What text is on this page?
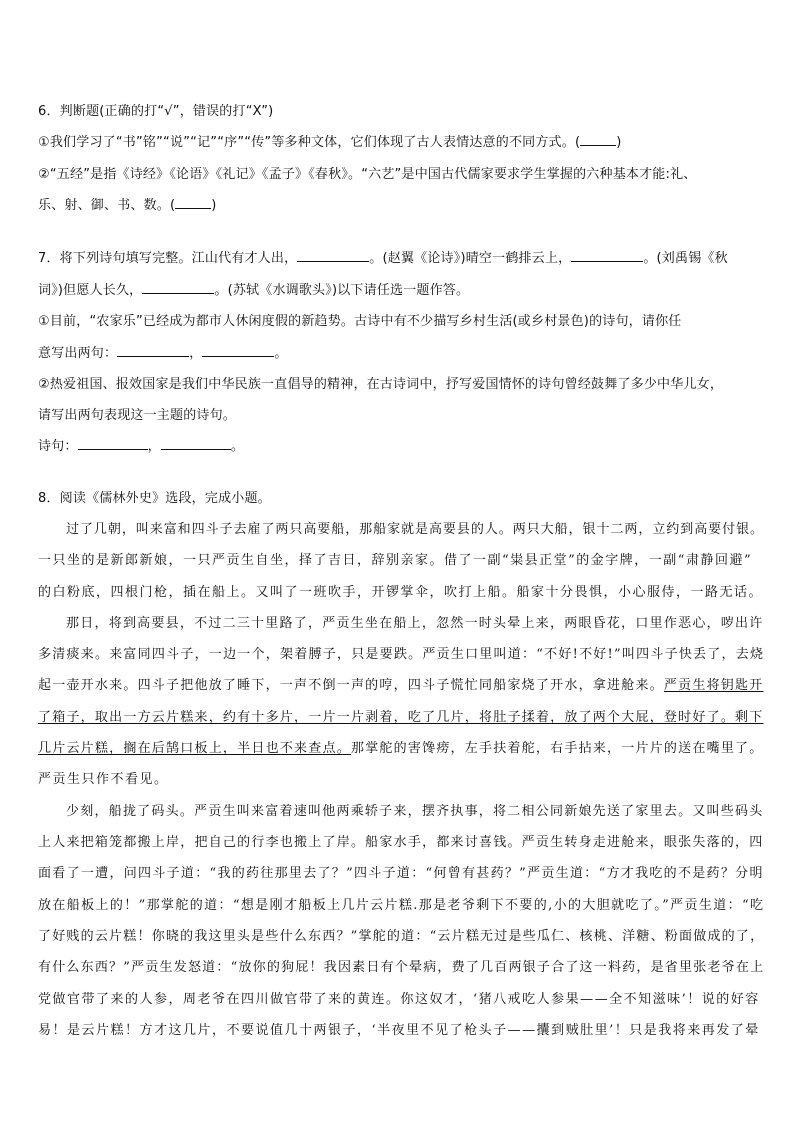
6．判断题(正确的打“√”，错误的打“X”)
①我们学习了“书”铭”“说”“记”“序”“传”等多种文体，它们体现了古人表情达意的不同方式。(	)
②“五经”是指《诗经》《论语》《礼记》《孟子》《春秋》。“六艺”是中国古代儒家要求学生掌握的六种基本才能:礼、
乐、射、御、书、数。(	)
7．将下列诗句填写完整。江山代有才人出，	。(赵翼《论诗》)晴空一鹤排云上，	。(刘禹锡《秋
词》)但愿人长久，	。(苏轼《水调歌头》)以下请任选一题作答。
①目前，“农家乐”已经成为都市人休闲度假的新趋势。古诗中有不少描写乡村生活(或乡村景色)的诗句，请你任
意写出两句：	，	。
②热爱祖国、报效国家是我们中华民族一直倡导的精神，在古诗词中，抒写爱国情怀的诗句曾经鼓舞了多少中华儿女，
请写出两句表现这一主题的诗句。
诗句：	，	。
8．阅读《儒林外史》选段，完成小题。
过了几朝，叫来富和四斗子去雇了两只高要船，那船家就是高要县的人。两只大船，银十二两，立约到高要付银。
一只坐的是新郎新娘，一只严贡生自坐，择了吉日，辞别亲家。借了一副“粜县正堂”的金字牌，一副“肃静回避”
的白粉底，四根门枪，插在船上。又叫了一班吹手，开锣掌伞，吹打上船。船家十分畏惧，小心服侍，一路无话。
那日，将到高要县，不过二三十里路了，严贡生坐在船上，忽然一时头晕上来，两眼昏花，口里作恶心，哕出许
多清痰来。来富同四斗子，一边一个，架着膊子，只是要跌。严贡生口里叫道：“不好!不好!”叫四斗子快丢了，去烧
起一壶开水来。四斗子把他放了睡下，一声不倒一声的哼，四斗子慌忙同船家烧了开水，拿进舱来。严贡生将钥匙开
了箱子，取出一方云片糕来，约有十多片，一片一片剥着，吃了几片，将肚子揉着，放了两个大屁，登时好了。剩下
几片云片糕，搁在后鹄口板上，半日也不来查点。那掌舵的害馋痨，左手扶着舵，右手拈来，一片片的送在嘴里了。
严贡生只作不看见。
少刻，船拢了码头。严贡生叫来富着速叫他两乘轿子来，摆齐执事，将二相公同新娘先送了家里去。又叫些码头
上人来把箱笼都搬上岸，把自己的行李也搬上了岸。船家水手，都来讨喜钱。严贡生转身走进舱来，眼张失落的，四
面看了一遭，问四斗子道：“我的药往那里去了？”四斗子道：“何曾有甚药？”严贡生道：“方才我吃的不是药？分明
放在船板上的！”那掌舵的道：“想是刚才船板上几片云片糕.那是老爷剩下不要的,小的大胆就吃了。”严贡生道：“吃
了好贱的云片糕！你晓的我这里头是些什么东西？”掌舵的道：“云片糕无过是些瓜仁、核桃、洋糖、粉面做成的了，
有什么东西？”严贡生发怒道：“放你的狗屁！我因素日有个晕病，费了几百两银子合了这一料药，是省里张老爷在上
党做官带了来的人参，周老爷在四川做官带了来的黄连。你这奴才，‘猪八戒吃人参果——全不知滋味’！说的好容
易！是云片糕！方才这几片，不要说值几十两银子，‘半夜里不见了枪头子——攮到贼肚里’！只是我将来再发了晕
